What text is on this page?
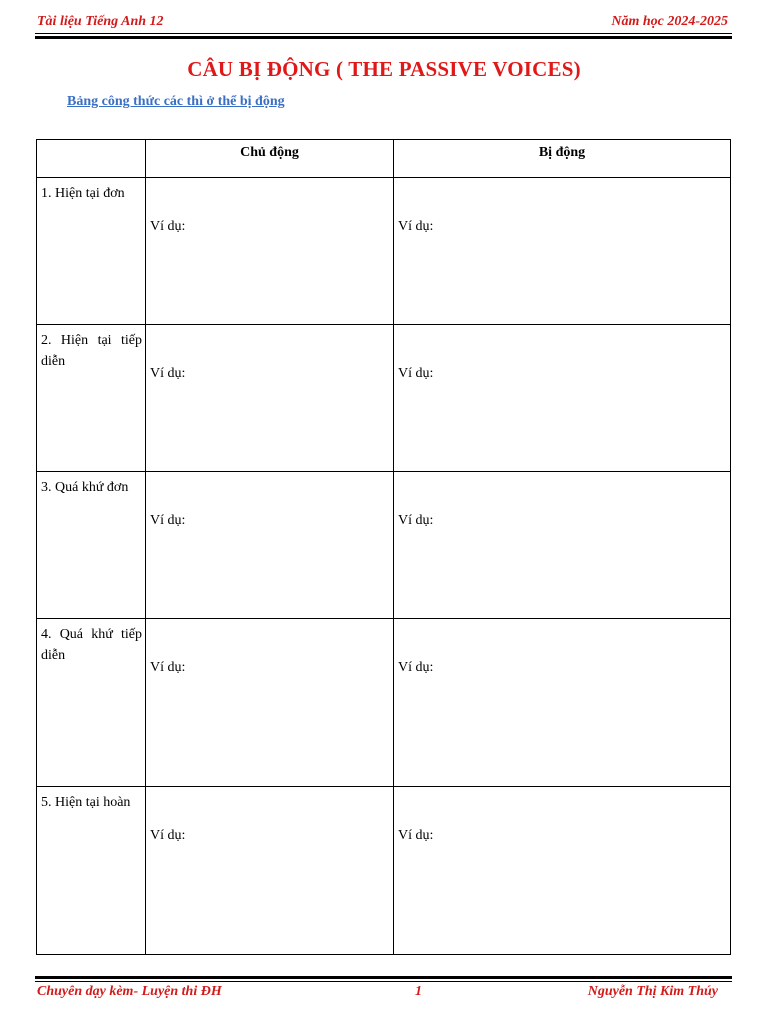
Tài liệu Tiếng Anh 12	Năm học 2024-2025
CÂU BỊ ĐỘNG ( THE PASSIVE VOICES)
Bảng công thức các thì ở thể bị động
	Chủ động	Bị động
1. Hiện tại đơn	Ví dụ:	Ví dụ:
2. Hiện tại tiếp diễn	Ví dụ:	Ví dụ:
3. Quá khứ đơn	Ví dụ:	Ví dụ:
4. Quá khứ tiếp diễn	Ví dụ:	Ví dụ:
5. Hiện tại hoàn	Ví dụ:	Ví dụ:
Chuyên dạy kèm- Luyện thi ĐH	1	Nguyễn Thị Kim Thúy
